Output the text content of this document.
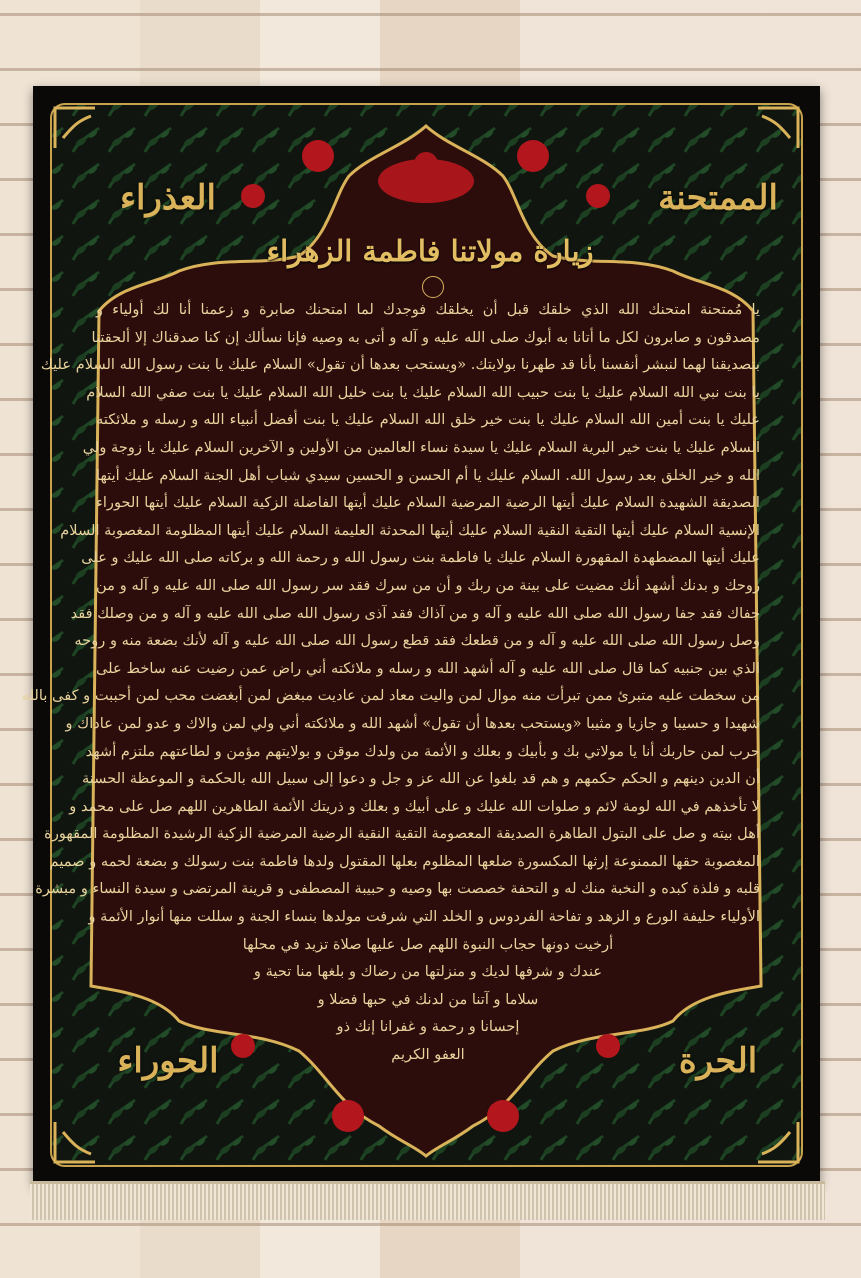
العذراء	الممتحنة
الحوراء	الحرة
زيارة مولاتنا فاطمة الزهراء
يا مُمتحنة امتحنك الله الذي خلقك قبل أن يخلقك فوجدك لما امتحنك صابرة و زعمنا أنا لك أولياء و
مصدقون و صابرون لكل ما أتانا به أبوك صلى الله عليه و آله و أتى به وصيه فإنا نسألك إن كنا صدقناك إلا ألحقتنا
بتصديقنا لهما لنبشر أنفسنا بأنا قد طهرنا بولايتك. «ويستحب بعدها أن تقول» السلام عليك يا بنت رسول الله السلام عليك
يا بنت نبي الله السلام عليك يا بنت حبيب الله السلام عليك يا بنت خليل الله السلام عليك يا بنت صفي الله السلام
عليك يا بنت أمين الله السلام عليك يا بنت خير خلق الله السلام عليك يا بنت أفضل أنبياء الله و رسله و ملائكته
السلام عليك يا بنت خير البرية السلام عليك يا سيدة نساء العالمين من الأولين و الآخرين السلام عليك يا زوجة ولي
الله و خير الخلق بعد رسول الله. السلام عليك يا أم الحسن و الحسين سيدي شباب أهل الجنة السلام عليك أيتها
الصديقة الشهيدة السلام عليك أيتها الرضية المرضية السلام عليك أيتها الفاضلة الزكية السلام عليك أيتها الحوراء
الإنسية السلام عليك أيتها التقية النقية السلام عليك أيتها المحدثة العليمة السلام عليك أيتها المظلومة المغصوبة السلام
عليك أيتها المضطهدة المقهورة السلام عليك يا فاطمة بنت رسول الله و رحمة الله و بركاته صلى الله عليك و على
روحك و بدنك أشهد أنك مضيت على بينة من ربك و أن من سرك فقد سر رسول الله صلى الله عليه و آله و من
جفاك فقد جفا رسول الله صلى الله عليه و آله و من آذاك فقد آذى رسول الله صلى الله عليه و آله و من وصلك فقد
وصل رسول الله صلى الله عليه و آله و من قطعك فقد قطع رسول الله صلى الله عليه و آله لأنك بضعة منه و روحه
الذي بين جنبيه كما قال صلى الله عليه و آله أشهد الله و رسله و ملائكته أني راض عمن رضيت عنه ساخط على
من سخطت عليه متبرئ ممن تبرأت منه موال لمن واليت معاد لمن عاديت مبغض لمن أبغضت محب لمن أحببت و كفى بالله
شهيدا و حسيبا و جازيا و مثيبا «ويستحب بعدها أن تقول» أشهد الله و ملائكته أني ولي لمن والاك و عدو لمن عاداك و
حرب لمن حاربك أنا يا مولاتي بك و بأبيك و بعلك و الأئمة من ولدك موقن و بولايتهم مؤمن و لطاعتهم ملتزم أشهد
أن الدين دينهم و الحكم حكمهم و هم قد بلغوا عن الله عز و جل و دعوا إلى سبيل الله بالحكمة و الموعظة الحسنة
لا تأخذهم في الله لومة لائم و صلوات الله عليك و على أبيك و بعلك و ذريتك الأئمة الطاهرين اللهم صل على محمد و
أهل بيته و صل على البتول الطاهرة الصديقة المعصومة التقية النقية الرضية المرضية الزكية الرشيدة المظلومة المقهورة
المغصوبة حقها الممنوعة إرثها المكسورة ضلعها المظلوم بعلها المقتول ولدها فاطمة بنت رسولك و بضعة لحمه و صميم
قلبه و فلذة كبده و النخبة منك له و التحفة خصصت بها وصيه و حبيبة المصطفى و قرينة المرتضى و سيدة النساء و مبشرة
الأولياء حليفة الورع و الزهد و تفاحة الفردوس و الخلد التي شرفت مولدها بنساء الجنة و سللت منها أنوار الأئمة و
أرخيت دونها حجاب النبوة اللهم صل عليها صلاة تزيد في محلها
عندك و شرفها لديك و منزلتها من رضاك و بلغها منا تحية و
سلاما و آتنا من لدنك في حبها فضلا و
إحسانا و رحمة و غفرانا إنك ذو
العفو الكريم
